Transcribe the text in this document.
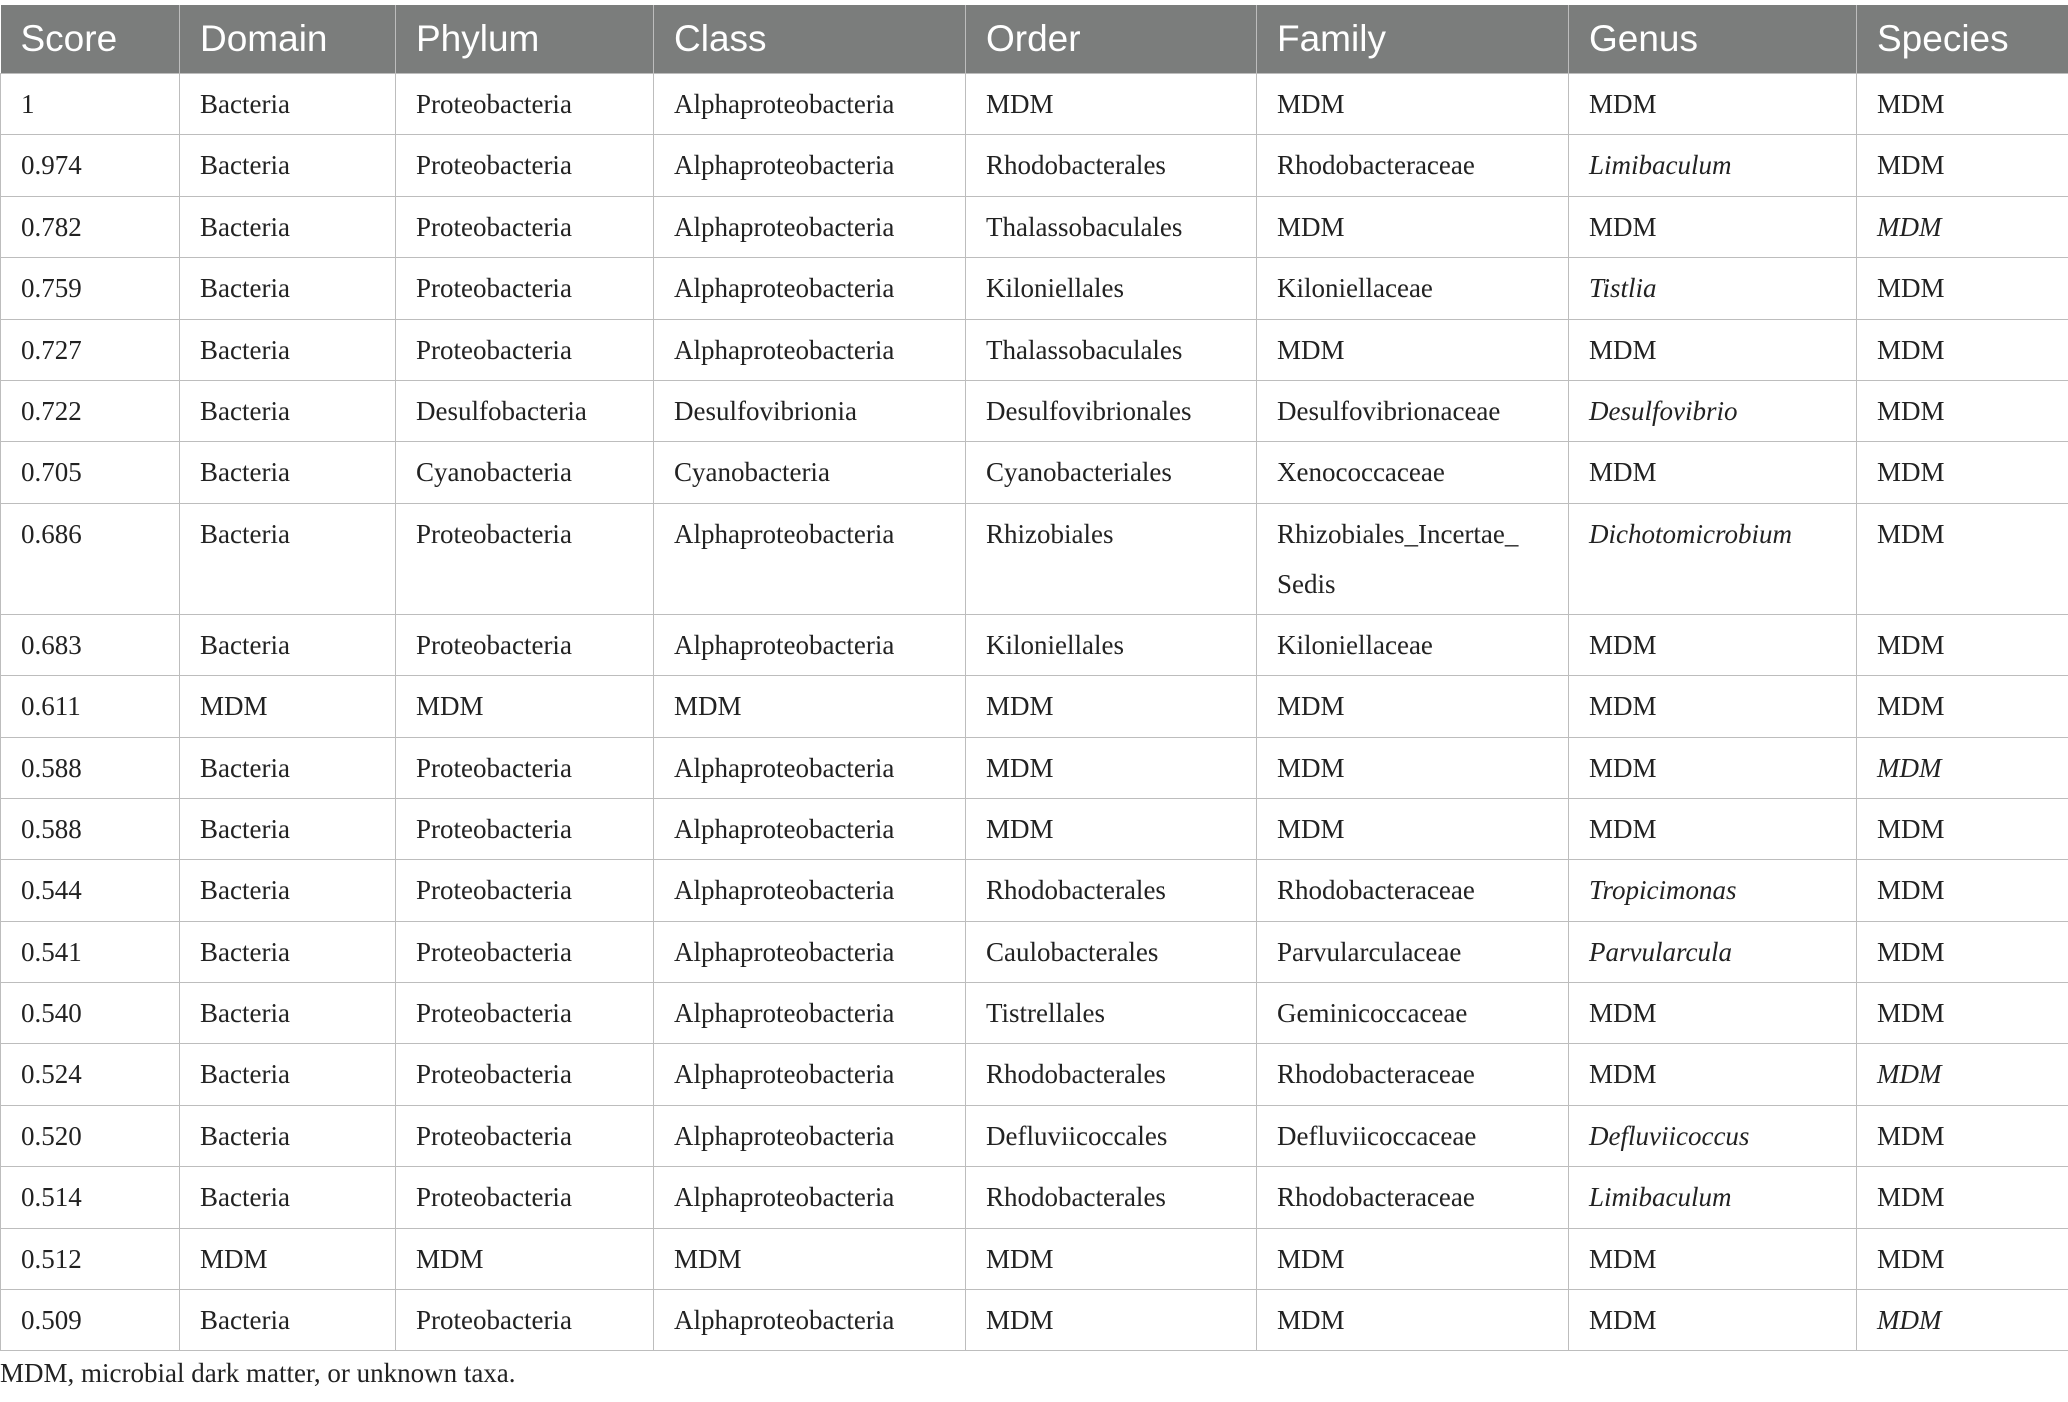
Score	Domain	Phylum	Class	Order	Family	Genus	Species

1	Bacteria	Proteobacteria	Alphaproteobacteria	MDM	MDM	MDM	MDM

0.974	Bacteria	Proteobacteria	Alphaproteobacteria	Rhodobacterales	Rhodobacteraceae	Limibaculum	MDM

0.782	Bacteria	Proteobacteria	Alphaproteobacteria	Thalassobaculales	MDM	MDM	MDM

0.759	Bacteria	Proteobacteria	Alphaproteobacteria	Kiloniellales	Kiloniellaceae	Tistlia	MDM

0.727	Bacteria	Proteobacteria	Alphaproteobacteria	Thalassobaculales	MDM	MDM	MDM

0.722	Bacteria	Desulfobacteria	Desulfovibrionia	Desulfovibrionales	Desulfovibrionaceae	Desulfovibrio	MDM

0.705	Bacteria	Cyanobacteria	Cyanobacteria	Cyanobacteriales	Xenococcaceae	MDM	MDM

0.686	Bacteria	Proteobacteria	Alphaproteobacteria	Rhizobiales	Rhizobiales_Incertae_ Sedis	Dichotomicrobium	MDM

0.683	Bacteria	Proteobacteria	Alphaproteobacteria	Kiloniellales	Kiloniellaceae	MDM	MDM

0.611	MDM	MDM	MDM	MDM	MDM	MDM	MDM

0.588	Bacteria	Proteobacteria	Alphaproteobacteria	MDM	MDM	MDM	MDM

0.588	Bacteria	Proteobacteria	Alphaproteobacteria	MDM	MDM	MDM	MDM

0.544	Bacteria	Proteobacteria	Alphaproteobacteria	Rhodobacterales	Rhodobacteraceae	Tropicimonas	MDM

0.541	Bacteria	Proteobacteria	Alphaproteobacteria	Caulobacterales	Parvularculaceae	Parvularcula	MDM

0.540	Bacteria	Proteobacteria	Alphaproteobacteria	Tistrellales	Geminicoccaceae	MDM	MDM

0.524	Bacteria	Proteobacteria	Alphaproteobacteria	Rhodobacterales	Rhodobacteraceae	MDM	MDM

0.520	Bacteria	Proteobacteria	Alphaproteobacteria	Defluviicoccales	Defluviicoccaceae	Defluviicoccus	MDM

0.514	Bacteria	Proteobacteria	Alphaproteobacteria	Rhodobacterales	Rhodobacteraceae	Limibaculum	MDM

0.512	MDM	MDM	MDM	MDM	MDM	MDM	MDM

0.509	Bacteria	Proteobacteria	Alphaproteobacteria	MDM	MDM	MDM	MDM
MDM, microbial dark matter, or unknown taxa.
